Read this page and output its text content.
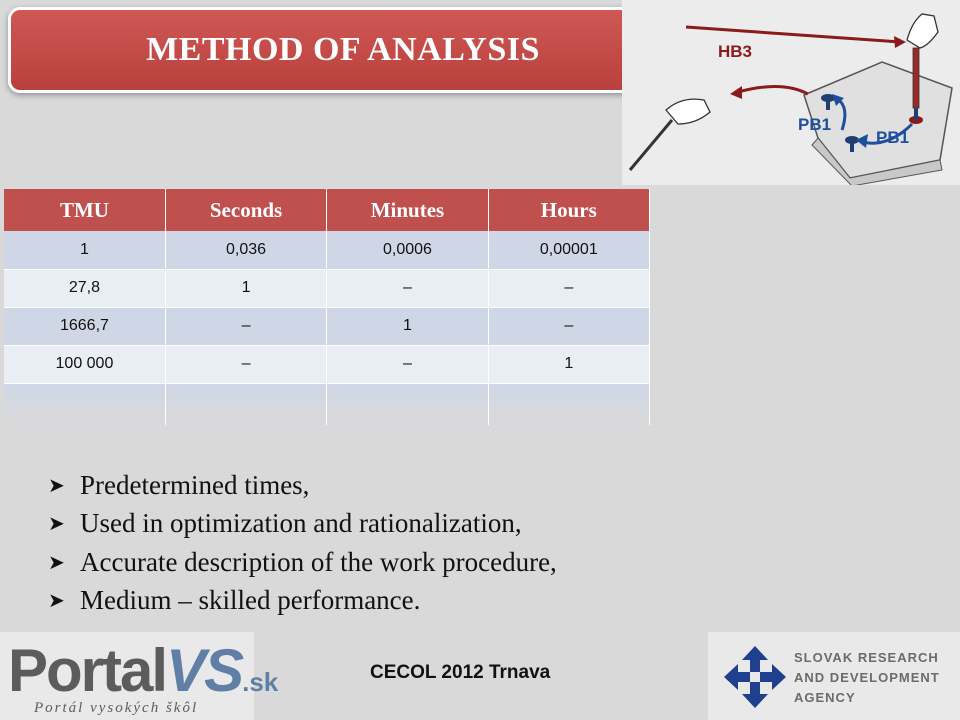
METHOD OF ANALYSIS	HB3
PB1
PB1
TMU	Seconds	Minutes	Hours
1	0,036	0,0006	0,00001
27,8	1	–	–
1666,7	–	1	–
100 000	–	–	1

➤ Predetermined times,
➤ Used in optimization and rationalization,
➤ Accurate description of the work procedure,
➤ Medium – skilled performance.
PortalVS.sk
Portál vysokých škôl
CECOL 2012 Trnava
SLOVAK RESEARCH
AND DEVELOPMENT
AGENCY
